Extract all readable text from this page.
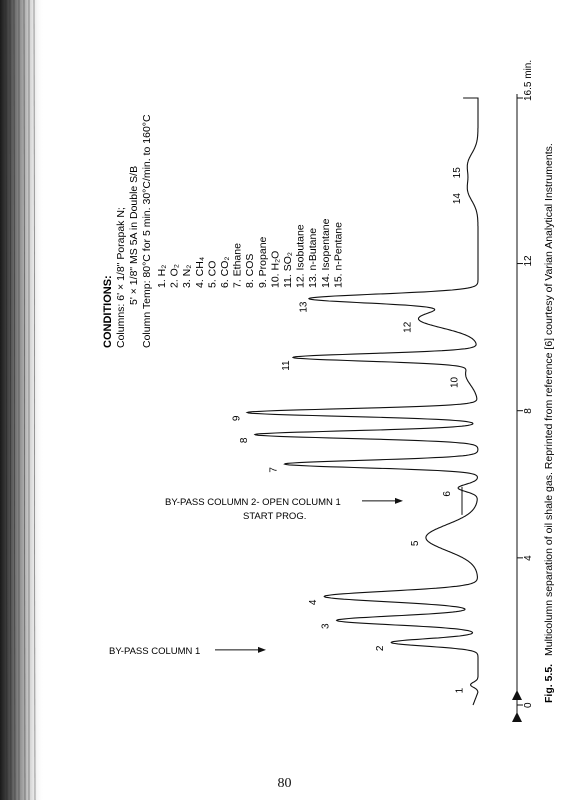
0
4
8
12
16.5 min.
1
2
3
4
5
6
7
8
9
10
11
12
13
14
15
BY-PASS COLUMN 1
BY-PASS COLUMN 2- OPEN COLUMN 1
START PROG.
CONDITIONS: Columns: 6' × 1/8" Porapak N; 5' × 1/8" MS 5A in Double S/B Column Temp: 80°C for 5 min. 30°C/min. to 160°C 1. H₂ 2. O₂ 3. N₂ 4. CH₄ 5. CO 6. CO₂ 7. Ethane 8. COS 9. Propane 10. H₂O 11. SO₂ 12. Isobutane 13. n-Butane 14. Isopentane 15. n-Pentane
Fig. 5.5. Multicolumn separation of oil shale gas. Reprinted from reference [6] courtesy of Varian Analytical Instruments.
80
